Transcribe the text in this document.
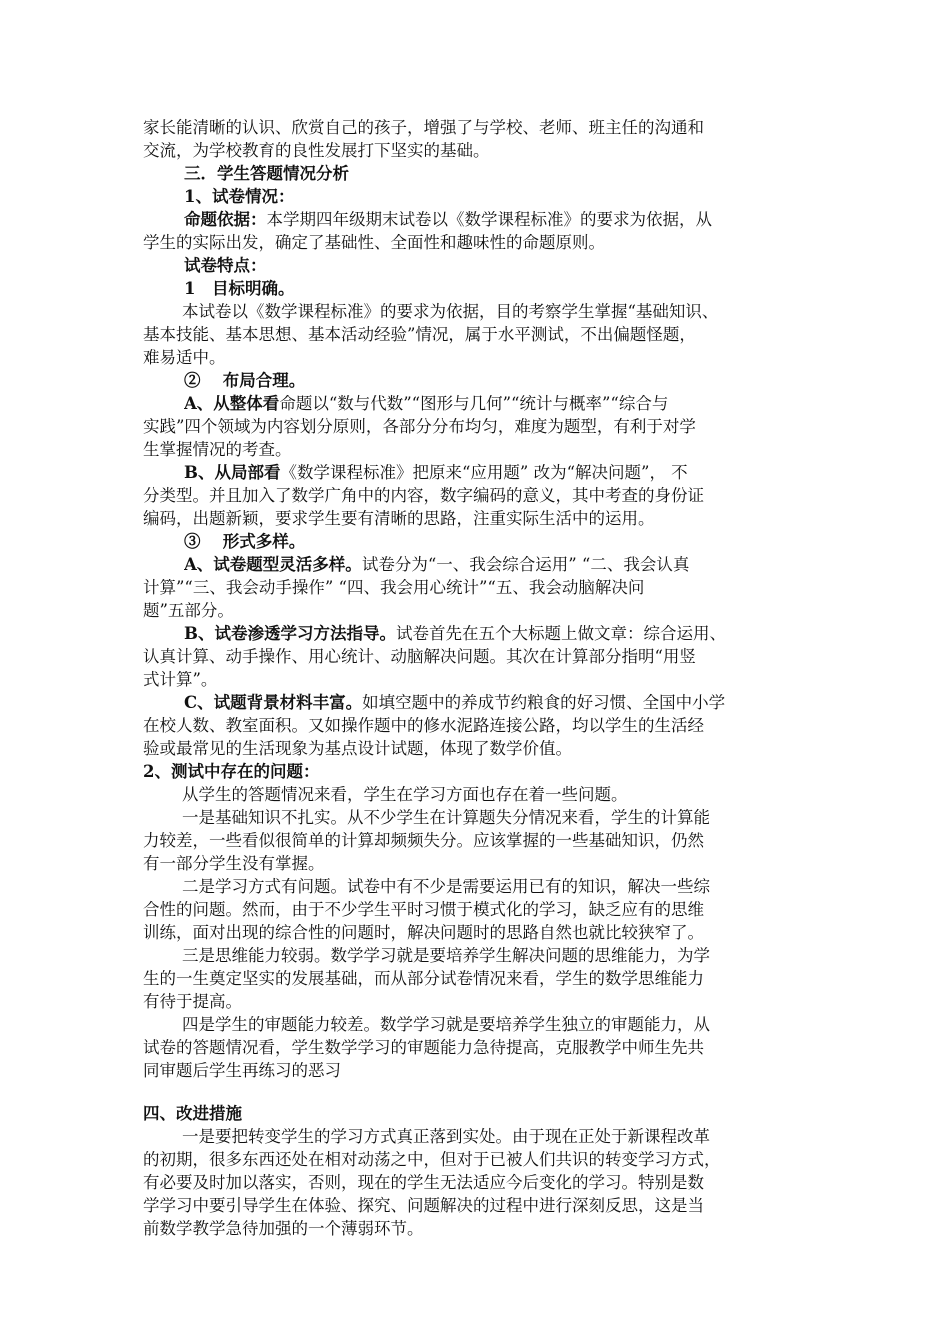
家长能清晰的认识、欣赏自己的孩子，增强了与学校、老师、班主任的沟通和
交流，为学校教育的良性发展打下坚实的基础。
三．学生答题情况分析
1、试卷情况：
命题依据：本学期四年级期末试卷以《数学课程标准》的要求为依据，从
学生的实际出发，确定了基础性、全面性和趣味性的命题原则。
试卷特点：
1　目标明确。
本试卷以《数学课程标准》的要求为依据，目的考察学生掌握“基础知识、
基本技能、基本思想、基本活动经验”情况，属于水平测试，不出偏题怪题，
难易适中。
②　 布局合理。
A、从整体看命题以“数与代数”“图形与几何”“统计与概率”“综合与
实践”四个领域为内容划分原则，各部分分布均匀，难度为题型，有利于对学
生掌握情况的考查。
B、从局部看《数学课程标准》把原来“应用题” 改为“解决问题”， 不
分类型。并且加入了数学广角中的内容，数字编码的意义，其中考查的身份证
编码，出题新颖，要求学生要有清晰的思路，注重实际生活中的运用。
③　 形式多样。
A、试卷题型灵活多样。试卷分为“一、我会综合运用” “二、我会认真
计算”“三、我会动手操作” “四、我会用心统计”“五、我会动脑解决问
题”五部分。
B、试卷渗透学习方法指导。试卷首先在五个大标题上做文章：综合运用、
认真计算、动手操作、用心统计、动脑解决问题。其次在计算部分指明“用竖
式计算”。
C、试题背景材料丰富。如填空题中的养成节约粮食的好习惯、全国中小学
在校人数、教室面积。又如操作题中的修水泥路连接公路，均以学生的生活经
验或最常见的生活现象为基点设计试题，体现了数学价值。
2、测试中存在的问题：
从学生的答题情况来看，学生在学习方面也存在着一些问题。
一是基础知识不扎实。从不少学生在计算题失分情况来看，学生的计算能
力较差，一些看似很简单的计算却频频失分。应该掌握的一些基础知识，仍然
有一部分学生没有掌握。
二是学习方式有问题。试卷中有不少是需要运用已有的知识，解决一些综
合性的问题。然而，由于不少学生平时习惯于模式化的学习，缺乏应有的思维
训练，面对出现的综合性的问题时，解决问题时的思路自然也就比较狭窄了。
三是思维能力较弱。数学学习就是要培养学生解决问题的思维能力，为学
生的一生奠定坚实的发展基础，而从部分试卷情况来看，学生的数学思维能力
有待于提高。
四是学生的审题能力较差。数学学习就是要培养学生独立的审题能力，从
试卷的答题情况看，学生数学学习的审题能力急待提高，克服教学中师生先共
同审题后学生再练习的恶习
四、改进措施
一是要把转变学生的学习方式真正落到实处。由于现在正处于新课程改革
的初期，很多东西还处在相对动荡之中，但对于已被人们共识的转变学习方式，
有必要及时加以落实，否则，现在的学生无法适应今后变化的学习。特别是数
学学习中要引导学生在体验、探究、问题解决的过程中进行深刻反思，这是当
前数学教学急待加强的一个薄弱环节。
